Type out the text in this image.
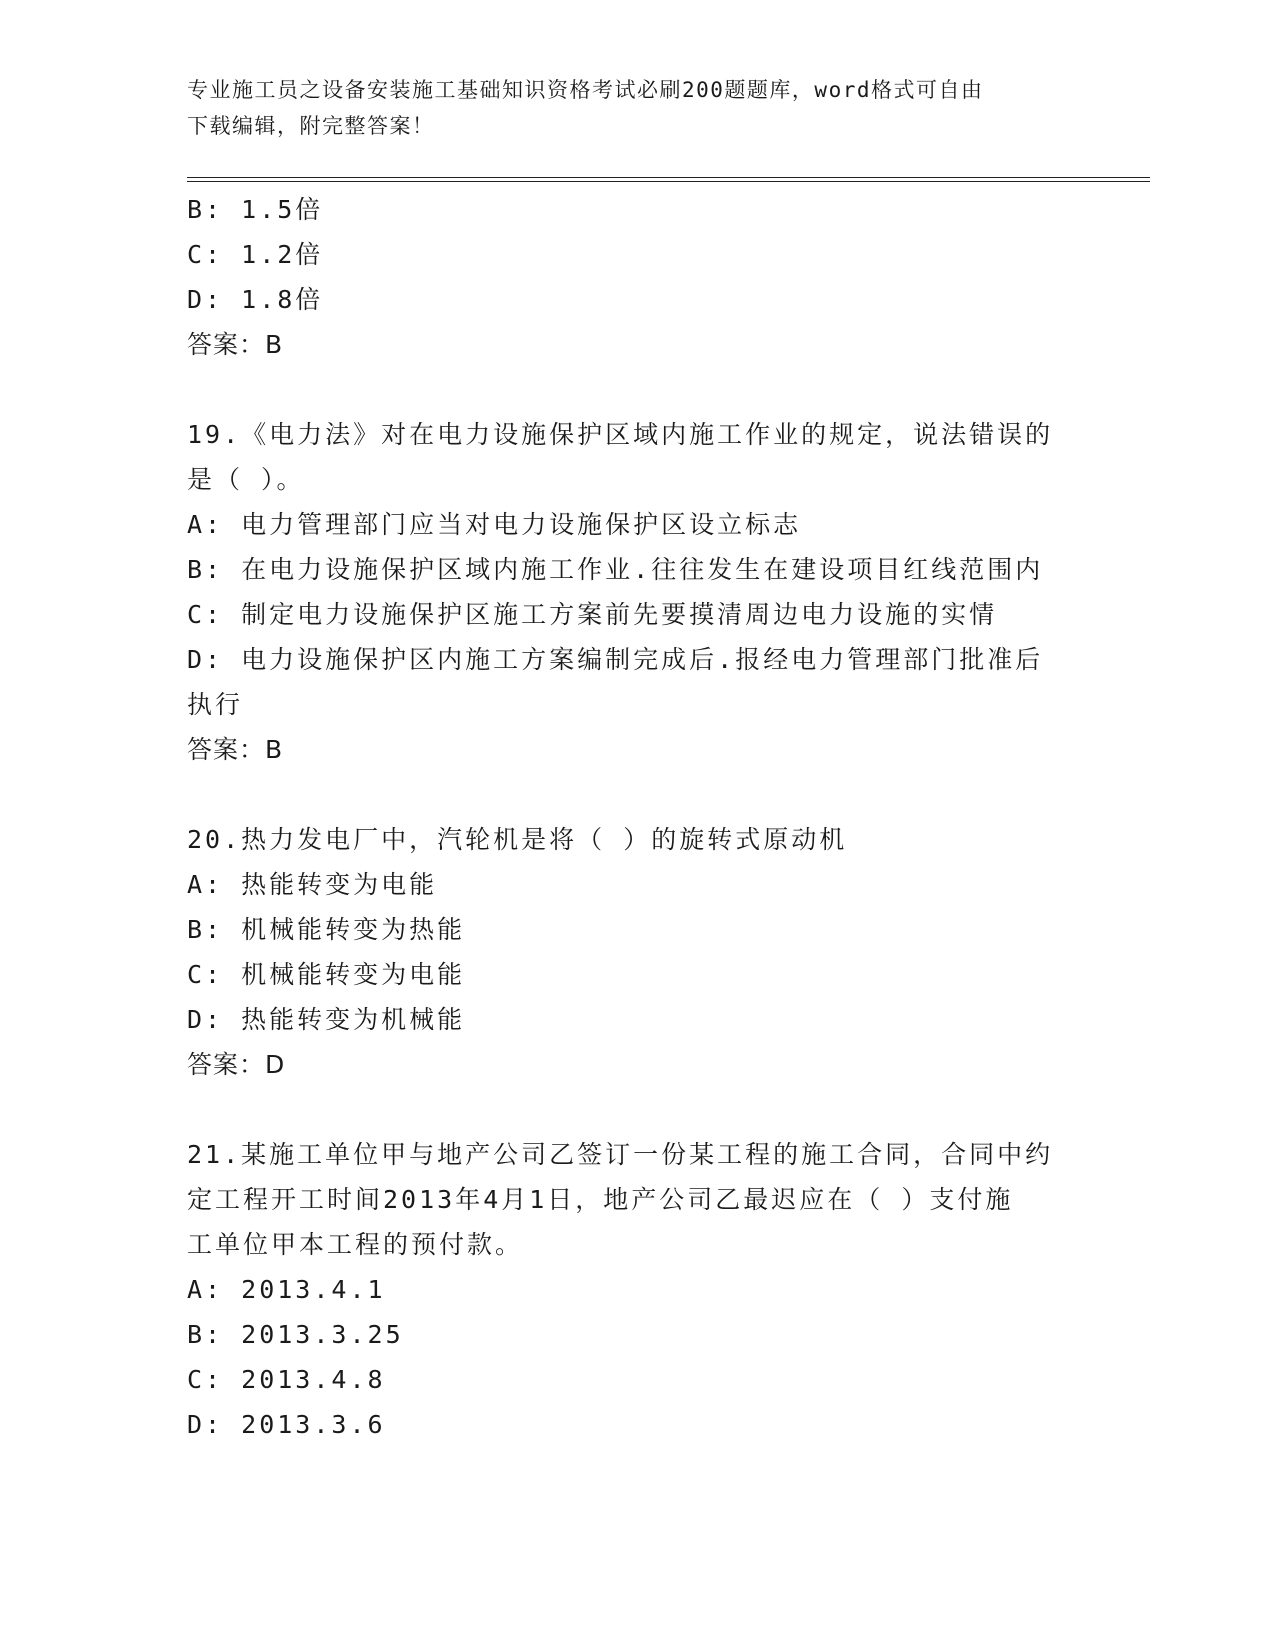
专业施工员之设备安装施工基础知识资格考试必刷200题题库，word格式可自由
下载编辑，附完整答案！
B: 1.5倍
C: 1.2倍
D: 1.8倍
答案：B
19.《电力法》对在电力设施保护区域内施工作业的规定，说法错误的
是（ ）。
A: 电力管理部门应当对电力设施保护区设立标志
B: 在电力设施保护区域内施工作业.往往发生在建设项目红线范围内
C: 制定电力设施保护区施工方案前先要摸清周边电力设施的实情
D: 电力设施保护区内施工方案编制完成后.报经电力管理部门批准后
执行
答案：B
20.热力发电厂中，汽轮机是将（ ）的旋转式原动机
A: 热能转变为电能
B: 机械能转变为热能
C: 机械能转变为电能
D: 热能转变为机械能
答案：D
21.某施工单位甲与地产公司乙签订一份某工程的施工合同，合同中约
定工程开工时间2013年4月1日，地产公司乙最迟应在（ ）支付施
工单位甲本工程的预付款。
A: 2013.4.1
B: 2013.3.25
C: 2013.4.8
D: 2013.3.6
